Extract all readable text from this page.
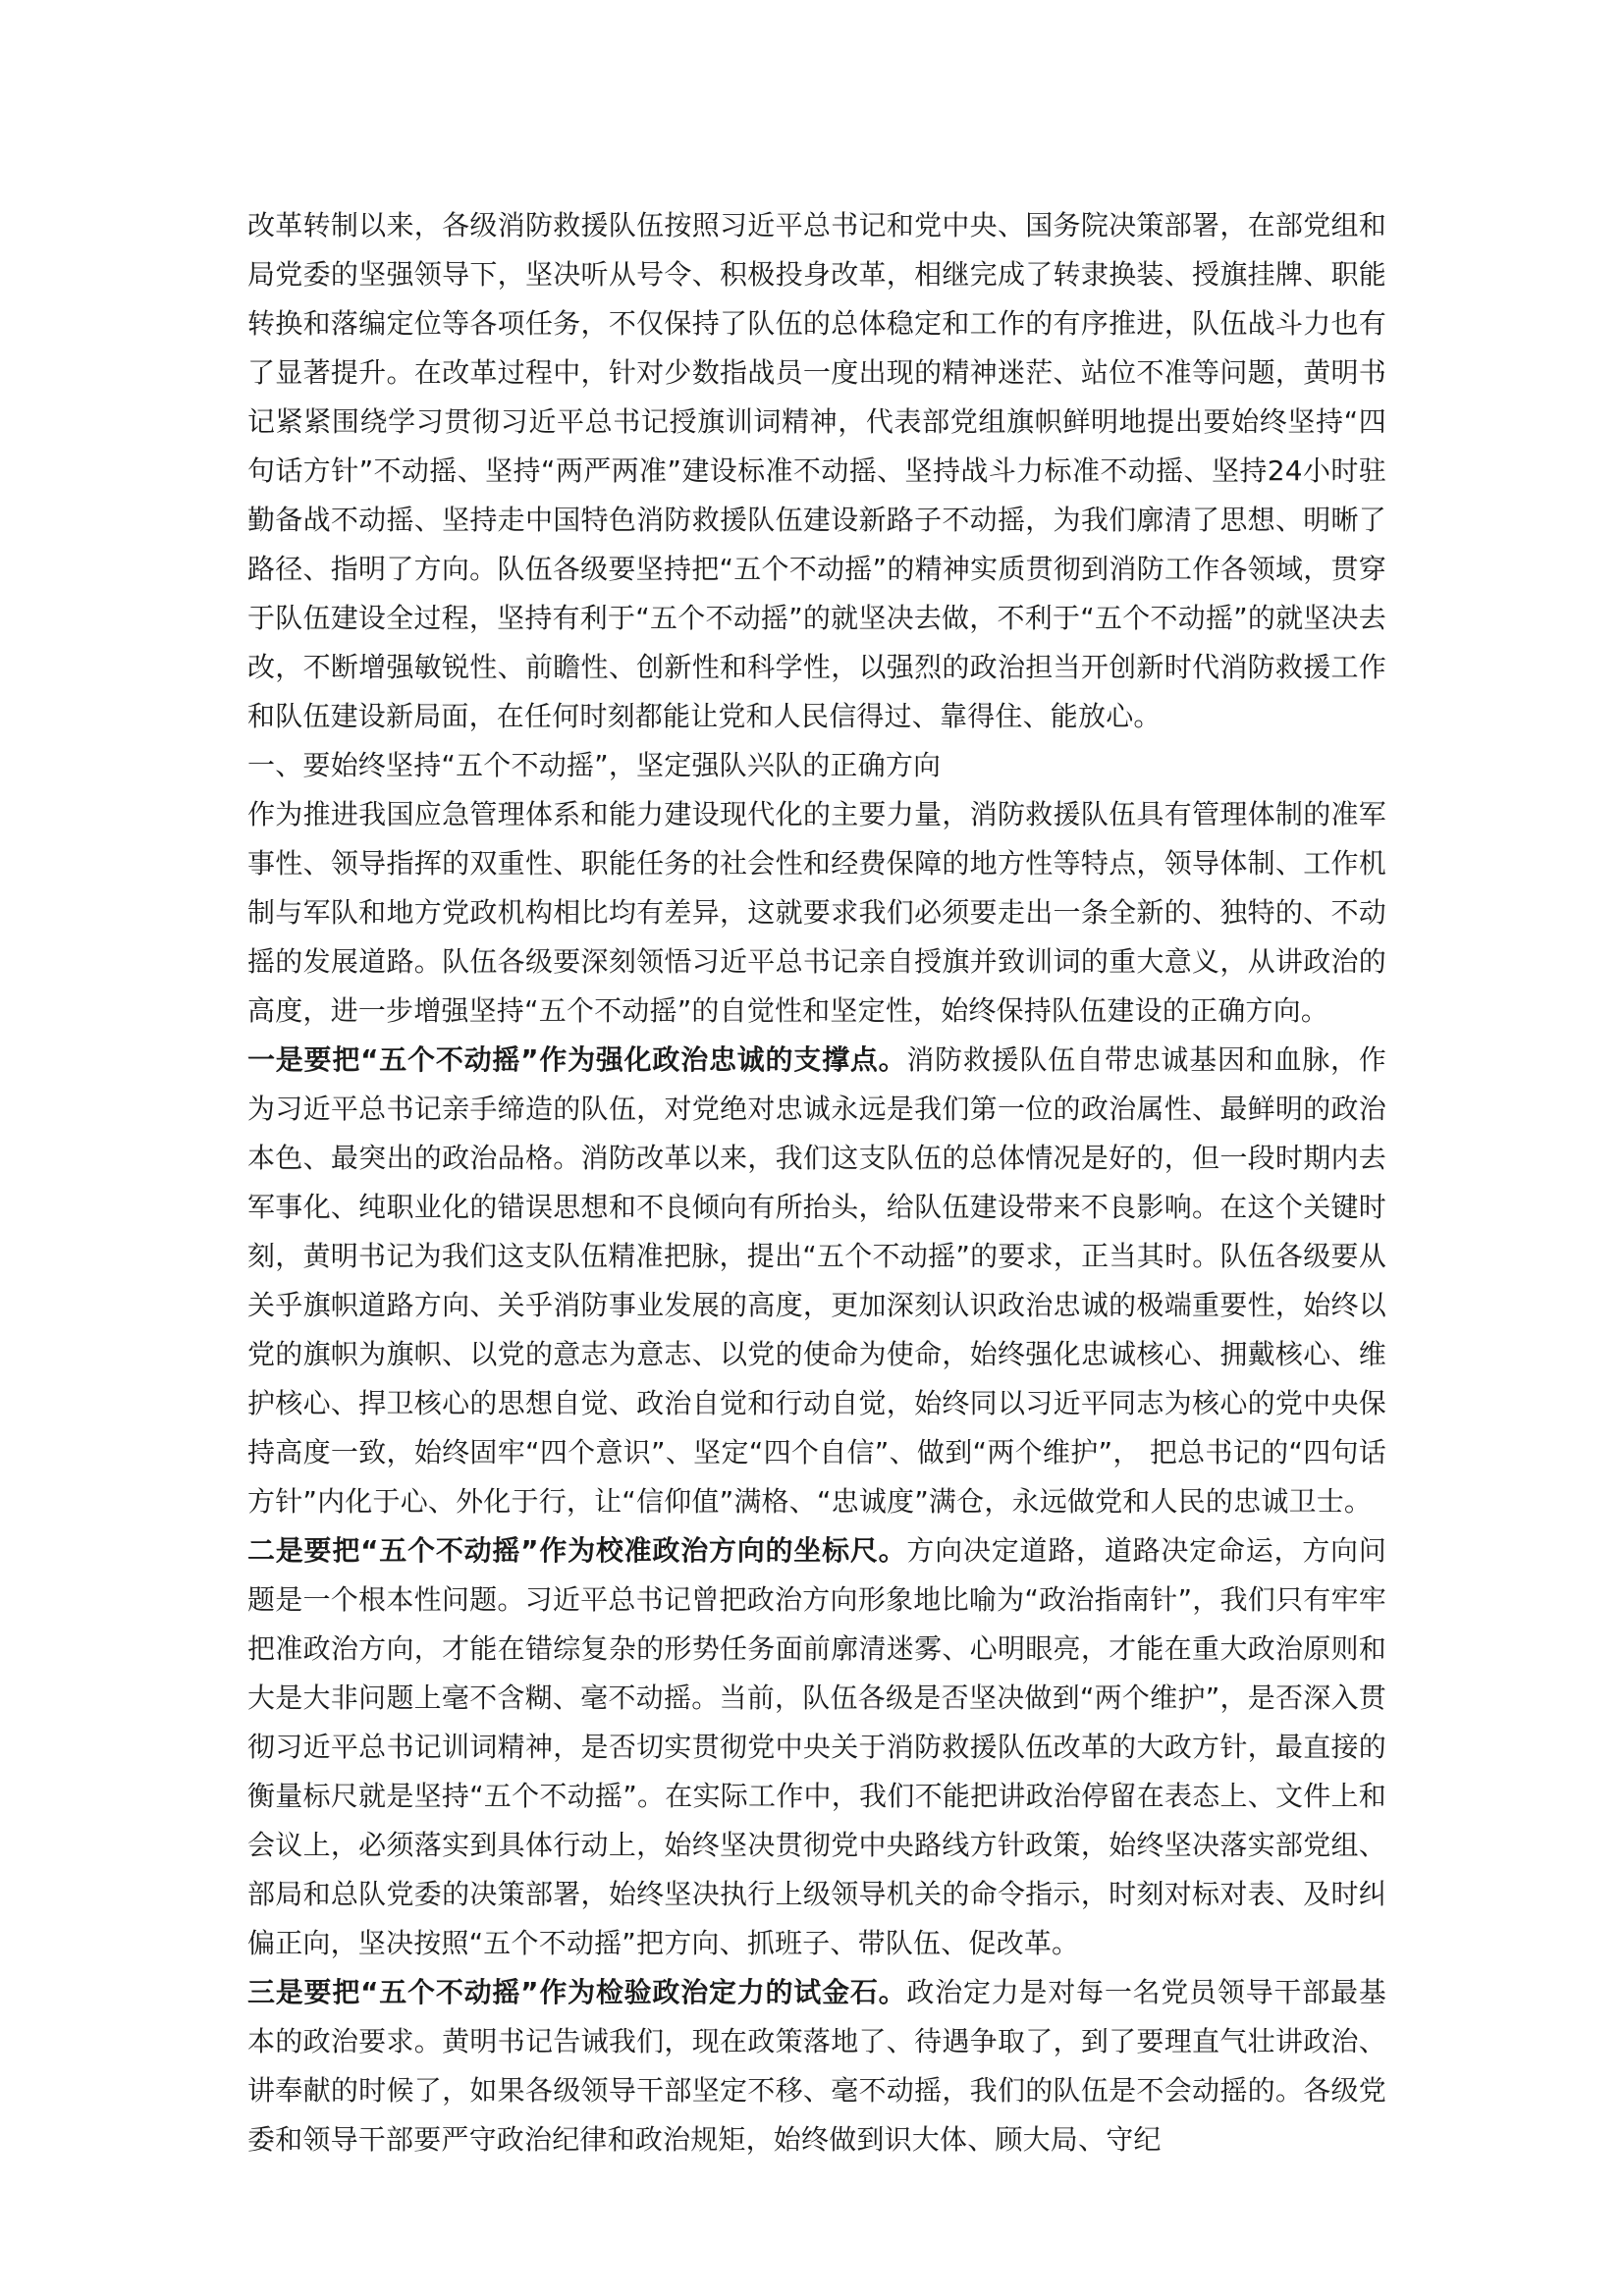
改革转制以来，各级消防救援队伍按照习近平总书记和党中央、国务院决策部署，在部党组和局党委的坚强领导下，坚决听从号令、积极投身改革，相继完成了转隶换装、授旗挂牌、职能转换和落编定位等各项任务，不仅保持了队伍的总体稳定和工作的有序推进，队伍战斗力也有了显著提升。在改革过程中，针对少数指战员一度出现的精神迷茫、站位不准等问题，黄明书记紧紧围绕学习贯彻习近平总书记授旗训词精神，代表部党组旗帜鲜明地提出要始终坚持“四句话方针”不动摇、坚持“两严两准”建设标准不动摇、坚持战斗力标准不动摇、坚持24小时驻勤备战不动摇、坚持走中国特色消防救援队伍建设新路子不动摇，为我们廓清了思想、明晰了路径、指明了方向。队伍各级要坚持把“五个不动摇”的精神实质贯彻到消防工作各领域，贯穿于队伍建设全过程，坚持有利于“五个不动摇”的就坚决去做，不利于“五个不动摇”的就坚决去改，不断增强敏锐性、前瞻性、创新性和科学性，以强烈的政治担当开创新时代消防救援工作和队伍建设新局面，在任何时刻都能让党和人民信得过、靠得住、能放心。

一、要始终坚持“五个不动摇”，坚定强队兴队的正确方向

作为推进我国应急管理体系和能力建设现代化的主要力量，消防救援队伍具有管理体制的准军事性、领导指挥的双重性、职能任务的社会性和经费保障的地方性等特点，领导体制、工作机制与军队和地方党政机构相比均有差异，这就要求我们必须要走出一条全新的、独特的、不动摇的发展道路。队伍各级要深刻领悟习近平总书记亲自授旗并致训词的重大意义，从讲政治的高度，进一步增强坚持“五个不动摇”的自觉性和坚定性，始终保持队伍建设的正确方向。

一是要把“五个不动摇”作为强化政治忠诚的支撑点。消防救援队伍自带忠诚基因和血脉，作为习近平总书记亲手缔造的队伍，对党绝对忠诚永远是我们第一位的政治属性、最鲜明的政治本色、最突出的政治品格。消防改革以来，我们这支队伍的总体情况是好的，但一段时期内去军事化、纯职业化的错误思想和不良倾向有所抬头，给队伍建设带来不良影响。在这个关键时刻，黄明书记为我们这支队伍精准把脉，提出“五个不动摇”的要求，正当其时。队伍各级要从关乎旗帜道路方向、关乎消防事业发展的高度，更加深刻认识政治忠诚的极端重要性，始终以党的旗帜为旗帜、以党的意志为意志、以党的使命为使命，始终强化忠诚核心、拥戴核心、维护核心、捍卫核心的思想自觉、政治自觉和行动自觉，始终同以习近平同志为核心的党中央保持高度一致，始终固牢“四个意识”、坚定“四个自信”、做到“两个维护”， 把总书记的“四句话方针”内化于心、外化于行，让“信仰值”满格、“忠诚度”满仓，永远做党和人民的忠诚卫士。

二是要把“五个不动摇”作为校准政治方向的坐标尺。方向决定道路，道路决定命运，方向问题是一个根本性问题。习近平总书记曾把政治方向形象地比喻为“政治指南针”，我们只有牢牢把准政治方向，才能在错综复杂的形势任务面前廓清迷雾、心明眼亮，才能在重大政治原则和大是大非问题上毫不含糊、毫不动摇。当前，队伍各级是否坚决做到“两个维护”，是否深入贯彻习近平总书记训词精神，是否切实贯彻党中央关于消防救援队伍改革的大政方针，最直接的衡量标尺就是坚持“五个不动摇”。在实际工作中，我们不能把讲政治停留在表态上、文件上和会议上，必须落实到具体行动上，始终坚决贯彻党中央路线方针政策，始终坚决落实部党组、部局和总队党委的决策部署，始终坚决执行上级领导机关的命令指示，时刻对标对表、及时纠偏正向，坚决按照“五个不动摇”把方向、抓班子、带队伍、促改革。

三是要把“五个不动摇”作为检验政治定力的试金石。政治定力是对每一名党员领导干部最基本的政治要求。黄明书记告诫我们，现在政策落地了、待遇争取了，到了要理直气壮讲政治、讲奉献的时候了，如果各级领导干部坚定不移、毫不动摇，我们的队伍是不会动摇的。各级党委和领导干部要严守政治纪律和政治规矩，始终做到识大体、顾大局、守纪
